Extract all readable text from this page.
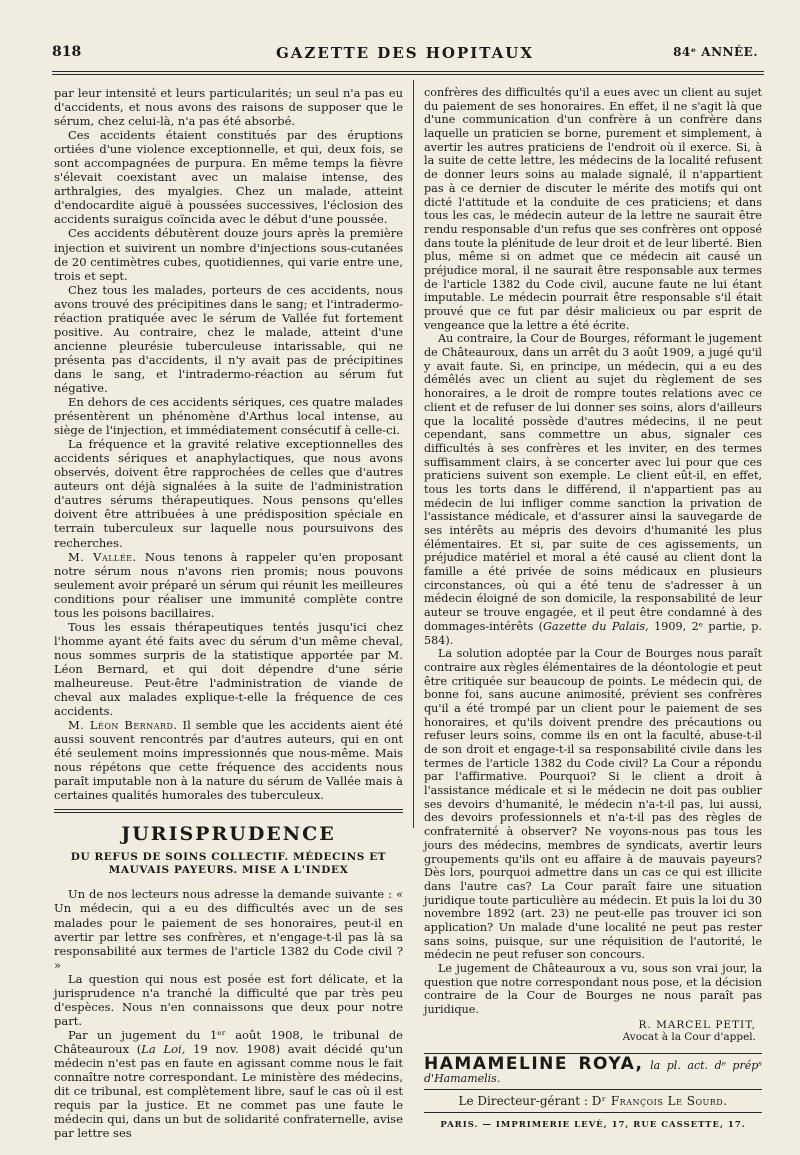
818	GAZETTE DES HOPITAUX	84ᵉ ANNÉE.

par leur intensité et leurs particularités; un seul n'a pas eu d'accidents, et nous avons des raisons de supposer que le sérum, chez celui-là, n'a pas été absorbé.

Ces accidents étaient constitués par des éruptions ortiées d'une violence exceptionnelle, et qui, deux fois, se sont accompagnées de purpura. En même temps la fièvre s'élevait coexistant avec un malaise intense, des arthralgies, des myalgies. Chez un malade, atteint d'endocardite aiguë à poussées successives, l'éclosion des accidents suraigus coïncida avec le début d'une poussée.

Ces accidents débutèrent douze jours après la première injection et suivirent un nombre d'injections sous-cutanées de 20 centimètres cubes, quotidiennes, qui varie entre une, trois et sept.

Chez tous les malades, porteurs de ces accidents, nous avons trouvé des précipitines dans le sang; et l'intradermo-réaction pratiquée avec le sérum de Vallée fut fortement positive. Au contraire, chez le malade, atteint d'une ancienne pleurésie tuberculeuse intarissable, qui ne présenta pas d'accidents, il n'y avait pas de précipitines dans le sang, et l'intradermo-réaction au sérum fut négative.

En dehors de ces accidents sériques, ces quatre malades présentèrent un phénomène d'Arthus local intense, au siège de l'injection, et immédiatement consécutif à celle-ci.

La fréquence et la gravité relative exceptionnelles des accidents sériques et anaphylactiques, que nous avons observés, doivent être rapprochées de celles que d'autres auteurs ont déjà signalées à la suite de l'administration d'autres sérums thérapeutiques. Nous pensons qu'elles doivent être attribuées à une prédisposition spéciale en terrain tuberculeux sur laquelle nous poursuivons des recherches.

M. Vallée. Nous tenons à rappeler qu'en proposant notre sérum nous n'avons rien promis; nous pouvons seulement avoir préparé un sérum qui réunit les meilleures conditions pour réaliser une immunité complète contre tous les poisons bacillaires.

Tous les essais thérapeutiques tentés jusqu'ici chez l'homme ayant été faits avec du sérum d'un même cheval, nous sommes surpris de la statistique apportée par M. Léon Bernard, et qui doit dépendre d'une série malheureuse. Peut-être l'administration de viande de cheval aux malades explique-t-elle la fréquence de ces accidents.

M. Léon Bernard. Il semble que les accidents aient été aussi souvent rencontrés par d'autres auteurs, qui en ont été seulement moins impressionnés que nous-même. Mais nous répétons que cette fréquence des accidents nous paraît imputable non à la nature du sérum de Vallée mais à certaines qualités humorales des tuberculeux.

JURISPRUDENCE
DU REFUS DE SOINS COLLECTIF. MÉDECINS ET MAUVAIS PAYEURS. MISE A L'INDEX

Un de nos lecteurs nous adresse la demande suivante : « Un médecin, qui a eu des difficultés avec un de ses malades pour le paiement de ses honoraires, peut-il en avertir par lettre ses confrères, et n'engage-t-il pas là sa responsabilité aux termes de l'article 1382 du Code civil ? »

La question qui nous est posée est fort délicate, et la jurisprudence n'a tranché la difficulté que par très peu d'espèces. Nous n'en connaissons que deux pour notre part.

Par un jugement du 1ᵉʳ août 1908, le tribunal de Châteauroux (La Loi, 19 nov. 1908) avait décidé qu'un médecin n'est pas en faute en agissant comme nous le fait connaître notre correspondant. Le ministère des médecins, dit ce tribunal, est complètement libre, sauf le cas où il est requis par la justice. Et ne commet pas une faute le médecin qui, dans un but de solidarité confraternelle, avise par lettre ses

confrères des difficultés qu'il a eues avec un client au sujet du paiement de ses honoraires. En effet, il ne s'agit là que d'une communication d'un confrère à un confrère dans laquelle un praticien se borne, purement et simplement, à avertir les autres praticiens de l'endroit où il exerce. Si, à la suite de cette lettre, les médecins de la localité refusent de donner leurs soins au malade signalé, il n'appartient pas à ce dernier de discuter le mérite des motifs qui ont dicté l'attitude et la conduite de ces praticiens; et dans tous les cas, le médecin auteur de la lettre ne saurait être rendu responsable d'un refus que ses confrères ont opposé dans toute la plénitude de leur droit et de leur liberté. Bien plus, même si on admet que ce médecin ait causé un préjudice moral, il ne saurait être responsable aux termes de l'article 1382 du Code civil, aucune faute ne lui étant imputable. Le médecin pourrait être responsable s'il était prouvé que ce fut par désir malicieux ou par esprit de vengeance que la lettre a été écrite.

Au contraire, la Cour de Bourges, réformant le jugement de Châteauroux, dans un arrêt du 3 août 1909, a jugé qu'il y avait faute. Si, en principe, un médecin, qui a eu des démêlés avec un client au sujet du règlement de ses honoraires, a le droit de rompre toutes relations avec ce client et de refuser de lui donner ses soins, alors d'ailleurs que la localité possède d'autres médecins, il ne peut cependant, sans commettre un abus, signaler ces difficultés à ses confrères et les inviter, en des termes suffisamment clairs, à se concerter avec lui pour que ces praticiens suivent son exemple. Le client eût-il, en effet, tous les torts dans le différend, il n'appartient pas au médecin de lui infliger comme sanction la privation de l'assistance médicale, et d'assurer ainsi la sauvegarde de ses intérêts au mépris des devoirs d'humanité les plus élémentaires. Et si, par suite de ces agissements, un préjudice matériel et moral a été causé au client dont la famille a été privée de soins médicaux en plusieurs circonstances, où qui a été tenu de s'adresser à un médecin éloigné de son domicile, la responsabilité de leur auteur se trouve engagée, et il peut être condamné à des dommages-intérêts (Gazette du Palais, 1909, 2ᵉ partie, p. 584).

La solution adoptée par la Cour de Bourges nous paraît contraire aux règles élémentaires de la déontologie et peut être critiquée sur beaucoup de points. Le médecin qui, de bonne foi, sans aucune animosité, prévient ses confrères qu'il a été trompé par un client pour le paiement de ses honoraires, et qu'ils doivent prendre des précautions ou refuser leurs soins, comme ils en ont la faculté, abuse-t-il de son droit et engage-t-il sa responsabilité civile dans les termes de l'article 1382 du Code civil? La Cour a répondu par l'affirmative. Pourquoi? Si le client a droit à l'assistance médicale et si le médecin ne doit pas oublier ses devoirs d'humanité, le médecin n'a-t-il pas, lui aussi, des devoirs professionnels et n'a-t-il pas des règles de confraternité à observer? Ne voyons-nous pas tous les jours des médecins, membres de syndicats, avertir leurs groupements qu'ils ont eu affaire à de mauvais payeurs? Dès lors, pourquoi admettre dans un cas ce qui est illicite dans l'autre cas? La Cour paraît faire une situation juridique toute particulière au médecin. Et puis la loi du 30 novembre 1892 (art. 23) ne peut-elle pas trouver ici son application? Un malade d'une localité ne peut pas rester sans soins, puisque, sur une réquisition de l'autorité, le médecin ne peut refuser son concours.

Le jugement de Châteauroux a vu, sous son vrai jour, la question que notre correspondant nous pose, et la décision contraire de la Cour de Bourges ne nous paraît pas juridique.

R. MARCEL PETIT,
Avocat à la Cour d'appel.
HAMAMELINE ROYA, la pl. act. dᵉ prépˢ d'Hamamelis.
Le Directeur-gérant : Dʳ François Le Sourd.
PARIS. — IMPRIMERIE LEVÉ, 17, RUE CASSETTE, 17.
